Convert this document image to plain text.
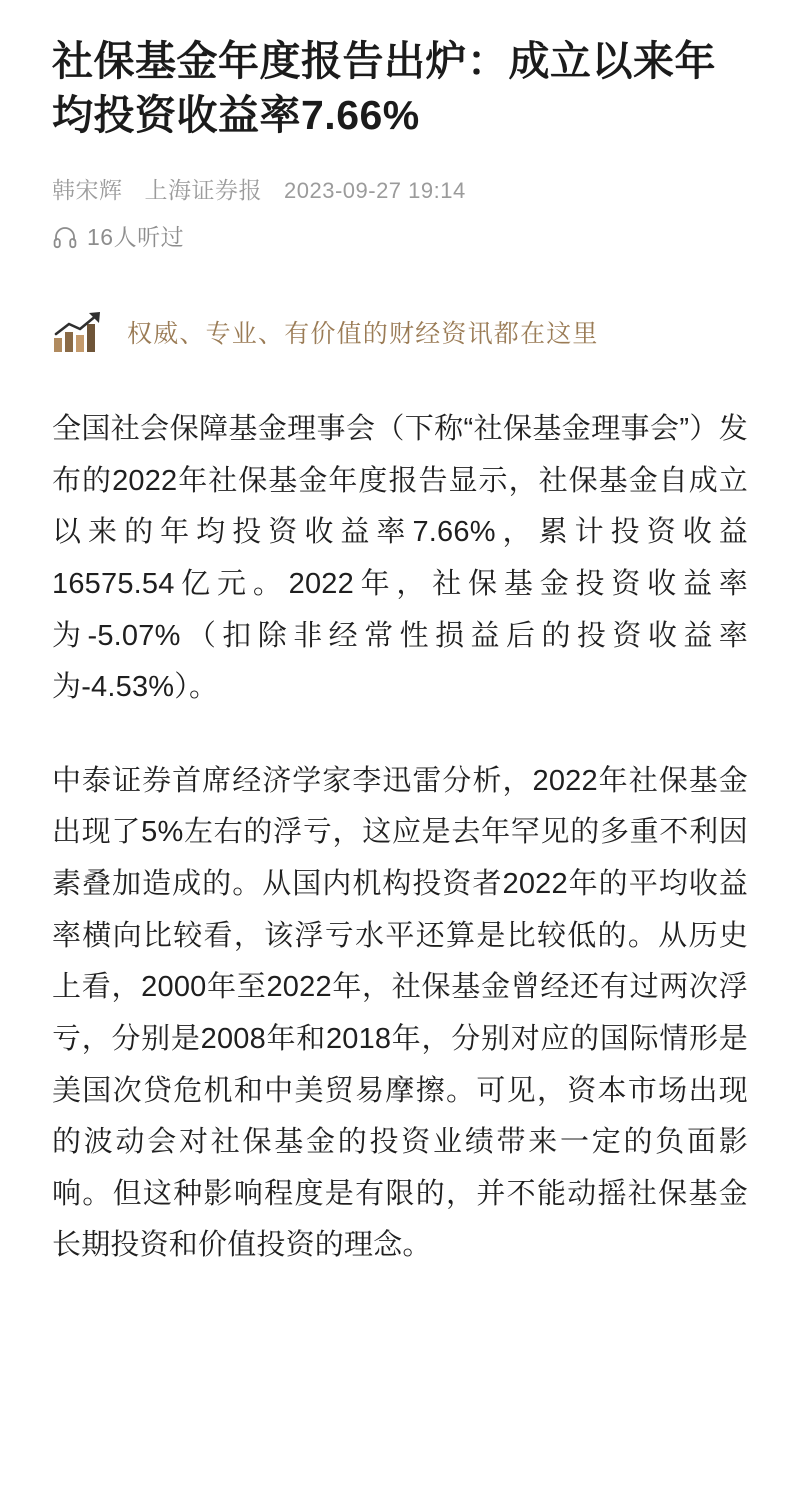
社保基金年度报告出炉：成立以来年均投资收益率7.66%
韩宋辉 上海证券报 2023-09-27 19:14
16人听过
权威、专业、有价值的财经资讯都在这里

全国社会保障基金理事会（下称“社保基金理事会”）发布的2022年社保基金年度报告显示，社保基金自成立以来的年均投资收益率7.66%，累计投资收益16575.54亿元。2022年，社保基金投资收益率为-5.07%（扣除非经常性损益后的投资收益率为-4.53%）。

中泰证券首席经济学家李迅雷分析，2022年社保基金出现了5%左右的浮亏，这应是去年罕见的多重不利因素叠加造成的。从国内机构投资者2022年的平均收益率横向比较看，该浮亏水平还算是比较低的。从历史上看，2000年至2022年，社保基金曾经还有过两次浮亏，分别是2008年和2018年，分别对应的国际情形是美国次贷危机和中美贸易摩擦。可见，资本市场出现的波动会对社保基金的投资业绩带来一定的负面影响。但这种影响程度是有限的，并不能动摇社保基金长期投资和价值投资的理念。
